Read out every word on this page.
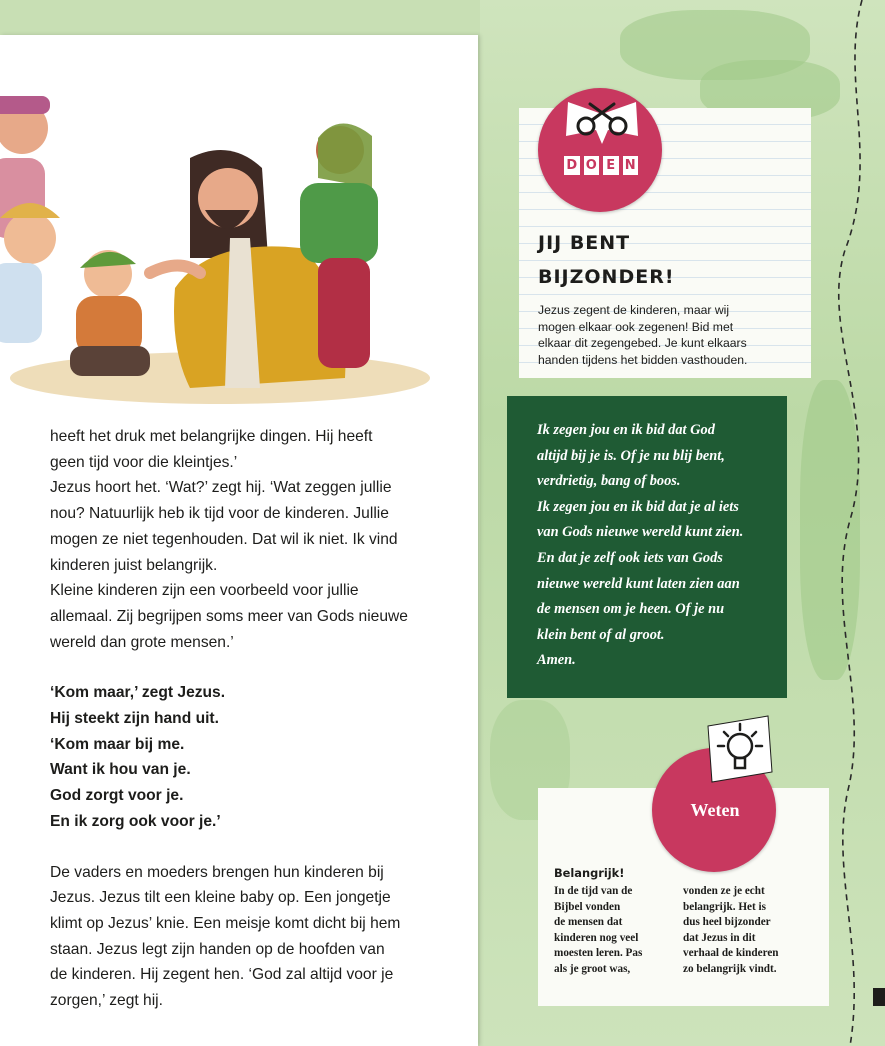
heeft het druk met belangrijke dingen. Hij heeft

geen tijd voor die kleintjes.’

Jezus hoort het. ‘Wat?’ zegt hij. ‘Wat zeggen jullie

nou? Natuurlijk heb ik tijd voor de kinderen. Jullie

mogen ze niet tegenhouden. Dat wil ik niet. Ik vind

kinderen juist belangrijk.

Kleine kinderen zijn een voorbeeld voor jullie

allemaal. Zij begrijpen soms meer van Gods nieuwe

wereld dan grote mensen.’

‘Kom maar,’ zegt Jezus.

Hij steekt zijn hand uit.

‘Kom maar bij me.

Want ik hou van je.

God zorgt voor je.

En ik zorg ook voor je.’

De vaders en moeders brengen hun kinderen bij

Jezus. Jezus tilt een kleine baby op. Een jongetje

klimt op Jezus’ knie. Een meisje komt dicht bij hem

staan. Jezus legt zijn handen op de hoofden van

de kinderen. Hij zegent hen. ‘God zal altijd voor je

zorgen,’ zegt hij.

D O E N
JIJ BENT
BIJZONDER!
Jezus zegent de kinderen, maar wij
mogen elkaar ook zegenen! Bid met
elkaar dit zegengebed. Je kunt elkaars
handen tijdens het bidden vasthouden.
Ik zegen jou en ik bid dat God
altijd bij je is. Of je nu blij bent,
verdrietig, bang of boos.
Ik zegen jou en ik bid dat je al iets
van Gods nieuwe wereld kunt zien.
En dat je zelf ook iets van Gods
nieuwe wereld kunt laten zien aan
de mensen om je heen. Of je nu
klein bent of al groot.
Amen.
Weten
Belangrijk!

In de tijd van de

Bijbel vonden

de mensen dat

kinderen nog veel

moesten leren. Pas

als je groot was,

vonden ze je echt

belangrijk. Het is

dus heel bijzonder

dat Jezus in dit

verhaal de kinderen

zo belangrijk vindt.
